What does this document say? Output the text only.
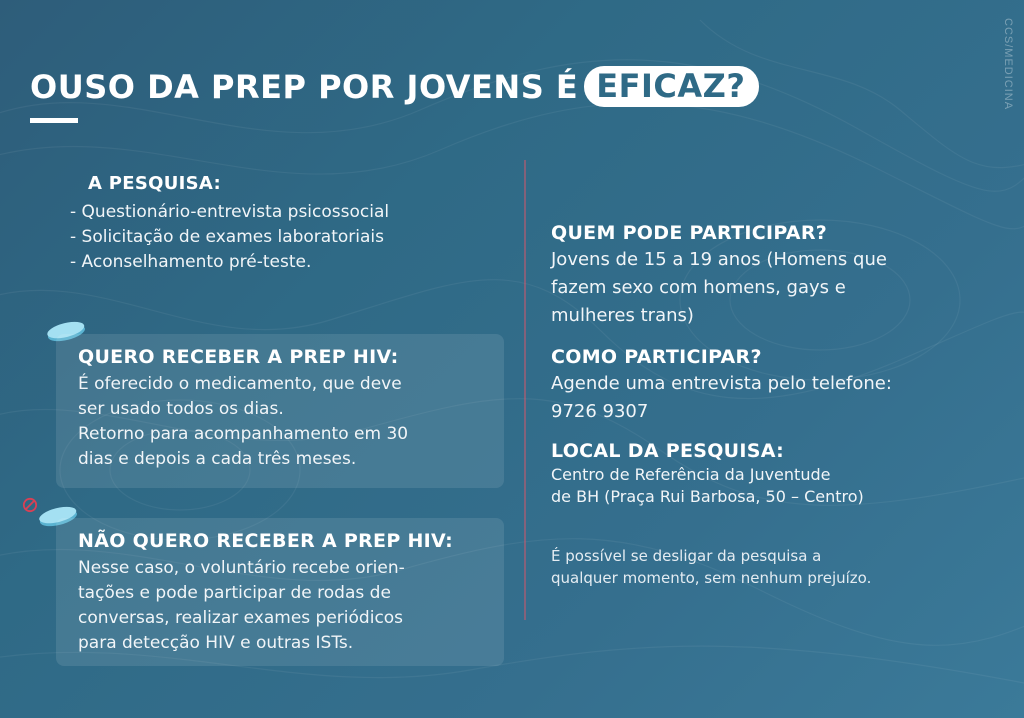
CCS/MEDICINA
O USO DA PREP POR JOVENS É EFICAZ?
A PESQUISA:
- Questionário-entrevista psicossocial
- Solicitação de exames laboratoriais
- Aconselhamento pré-teste.
QUERO RECEBER A PREP HIV:

É oferecido o medicamento, que deve

ser usado todos os dias.

Retorno para acompanhamento em 30

dias e depois a cada três meses.

NÃO QUERO RECEBER A PREP HIV:

Nesse caso, o voluntário recebe orien-

tações e pode participar de rodas de

conversas, realizar exames periódicos

para detecção HIV e outras ISTs.

QUEM PODE PARTICIPAR?

Jovens de 15 a 19 anos (Homens que

fazem sexo com homens, gays e

mulheres trans)

COMO PARTICIPAR?

Agende uma entrevista pelo telefone:

9726 9307

LOCAL DA PESQUISA:

Centro de Referência da Juventude

de BH (Praça Rui Barbosa, 50 – Centro)

É possível se desligar da pesquisa a

qualquer momento, sem nenhum prejuízo.
